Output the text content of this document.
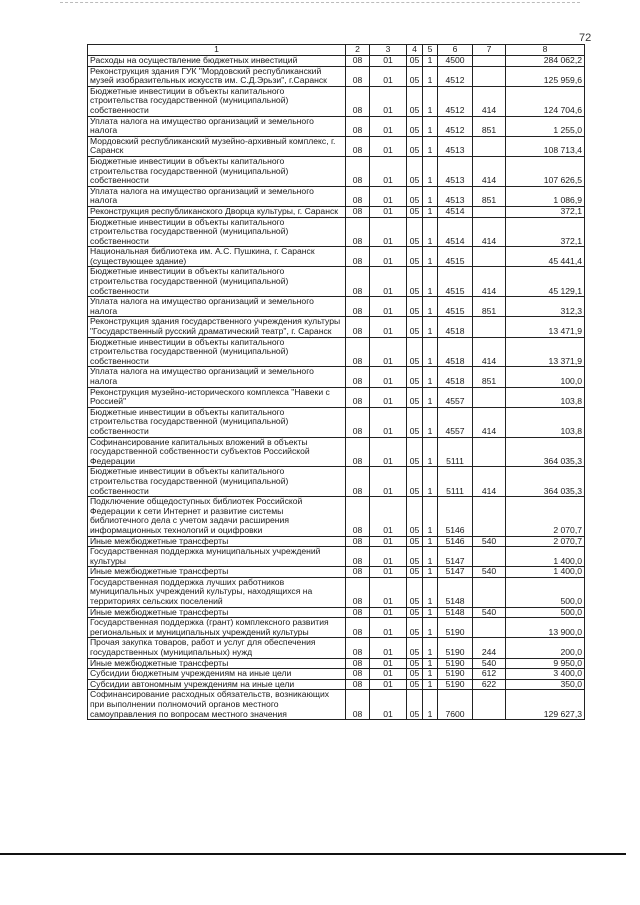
72
1	2	3	4	5	6	7	8
Расходы на осуществление бюджетных инвестиций	08	01	05	1	4500		284 062,2
Реконструкция здания ГУК "Мордовский республиканский музей изобразительных искусств им. С.Д.Эрьзи", г.Саранск	08	01	05	1	4512		125 959,6
Бюджетные инвестиции в объекты капитального строительства государственной (муниципальной) собственности	08	01	05	1	4512	414	124 704,6
Уплата налога на имущество организаций и земельного налога	08	01	05	1	4512	851	1 255,0
Мордовский республиканский музейно-архивный комплекс, г. Саранск	08	01	05	1	4513		108 713,4
Бюджетные инвестиции в объекты капитального строительства государственной (муниципальной) собственности	08	01	05	1	4513	414	107 626,5
Уплата налога на имущество организаций и земельного налога	08	01	05	1	4513	851	1 086,9
Реконструкция республиканского Дворца культуры, г. Саранск	08	01	05	1	4514		372,1
Бюджетные инвестиции в объекты капитального строительства государственной (муниципальной) собственности	08	01	05	1	4514	414	372,1
Национальная библиотека им. А.С. Пушкина, г. Саранск (существующее здание)	08	01	05	1	4515		45 441,4
Бюджетные инвестиции в объекты капитального строительства государственной (муниципальной) собственности	08	01	05	1	4515	414	45 129,1
Уплата налога на имущество организаций и земельного налога	08	01	05	1	4515	851	312,3
Реконструкция здания государственного учреждения культуры "Государственный русский драматический театр", г. Саранск	08	01	05	1	4518		13 471,9
Бюджетные инвестиции в объекты капитального строительства государственной (муниципальной) собственности	08	01	05	1	4518	414	13 371,9
Уплата налога на имущество организаций и земельного налога	08	01	05	1	4518	851	100,0
Реконструкция музейно-исторического комплекса "Навеки с Россией"	08	01	05	1	4557		103,8
Бюджетные инвестиции в объекты капитального строительства государственной (муниципальной) собственности	08	01	05	1	4557	414	103,8
Софинансирование капитальных вложений в объекты государственной собственности субъектов Российской Федерации	08	01	05	1	5111		364 035,3
Бюджетные инвестиции в объекты капитального строительства государственной (муниципальной) собственности	08	01	05	1	5111	414	364 035,3
Подключение общедоступных библиотек Российской Федерации к сети Интернет и развитие системы библиотечного дела с учетом задачи расширения информационных технологий и оцифровки	08	01	05	1	5146		2 070,7
Иные межбюджетные трансферты	08	01	05	1	5146	540	2 070,7
Государственная поддержка муниципальных учреждений культуры	08	01	05	1	5147		1 400,0
Иные межбюджетные трансферты	08	01	05	1	5147	540	1 400,0
Государственная поддержка лучших работников муниципальных учреждений культуры, находящихся на территориях сельских поселений	08	01	05	1	5148		500,0
Иные межбюджетные трансферты	08	01	05	1	5148	540	500,0
Государственная поддержка (грант) комплексного развития региональных и муниципальных учреждений культуры	08	01	05	1	5190		13 900,0
Прочая закупка товаров, работ и услуг для обеспечения государственных (муниципальных) нужд	08	01	05	1	5190	244	200,0
Иные межбюджетные трансферты	08	01	05	1	5190	540	9 950,0
Субсидии бюджетным учреждениям на иные цели	08	01	05	1	5190	612	3 400,0
Субсидии автономным учреждениям на иные цели	08	01	05	1	5190	622	350,0
Софинансирование расходных обязательств, возникающих при выполнении полномочий органов местного самоуправления по вопросам местного значения	08	01	05	1	7600		129 627,3
